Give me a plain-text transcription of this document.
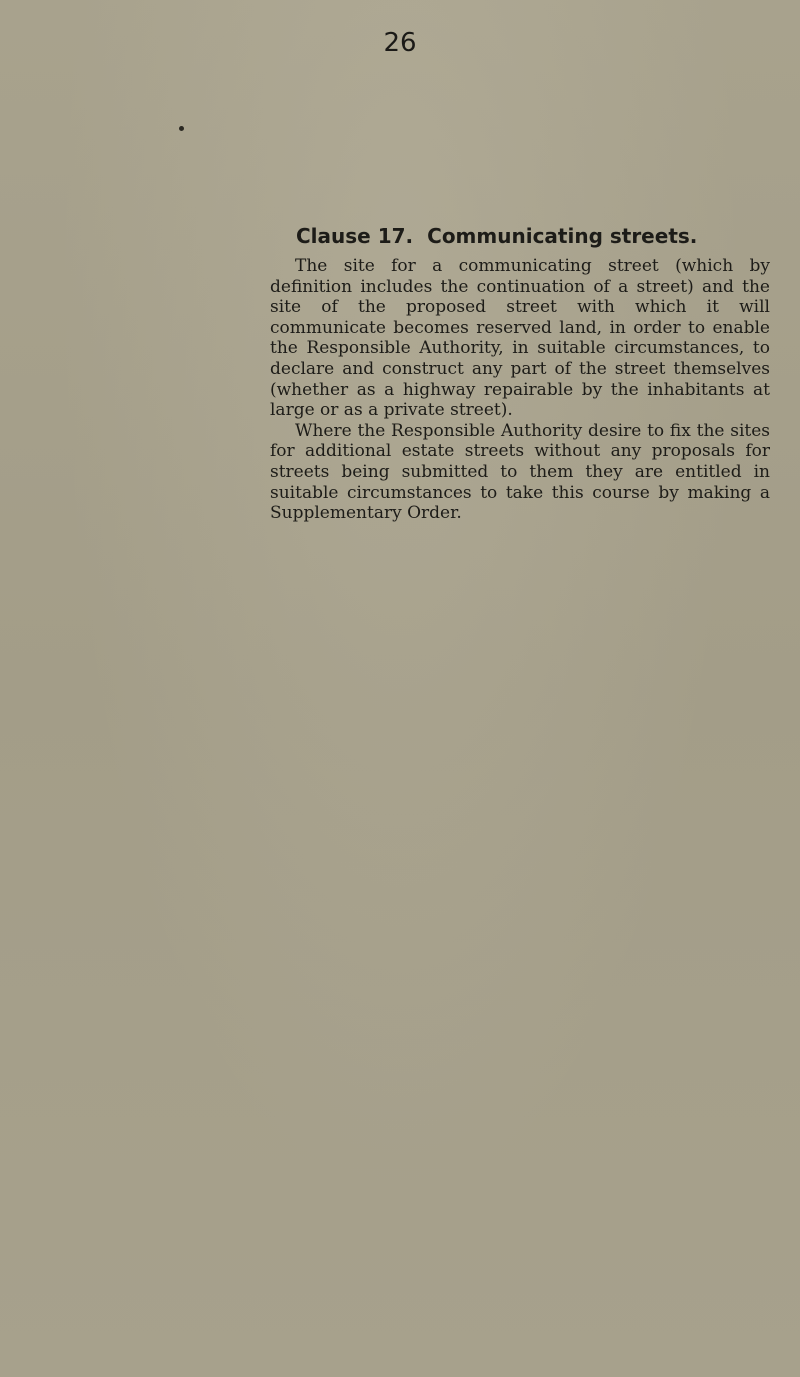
26
Clause 17. Communicating streets.

The site for a communicating street (which by definition includes the continuation of a street) and the site of the proposed street with which it will communicate becomes reserved land, in order to enable the Responsible Authority, in suitable circumstances, to declare and construct any part of the street themselves (whether as a highway repairable by the inhabitants at large or as a private street).

Where the Responsible Authority desire to fix the sites for additional estate streets without any proposals for streets being submitted to them they are entitled in suitable circumstances to take this course by making a Supplementary Order.
